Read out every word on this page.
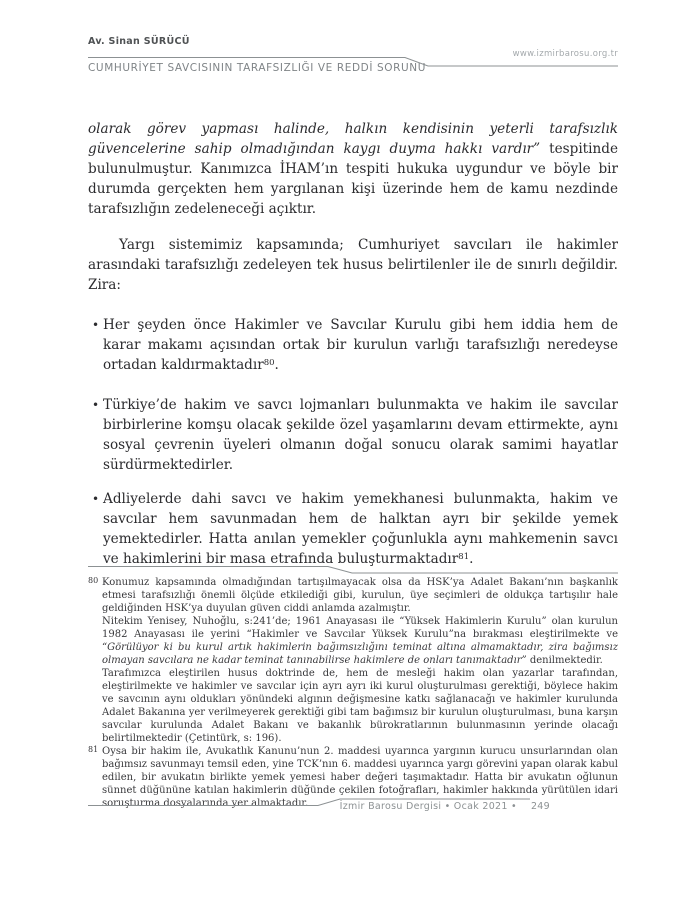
Av. Sinan SÜRÜCÜ
CUMHURİYET SAVCISININ TARAFSIZLIĞI VE REDDİ SORUNU
www.izmirbarosu.org.tr

olarak görev yapması halinde, halkın kendisinin yeterli tarafsızlık güvencelerine sahip olmadığından kaygı duyma hakkı vardır” tespitinde bulunulmuştur. Kanımızca İHAM’ın tespiti hukuka uygundur ve böyle bir durumda gerçekten hem yargılanan kişi üzerinde hem de kamu nezdinde tarafsızlığın zedeleneceği açıktır.

Yargı sistemimiz kapsamında; Cumhuriyet savcıları ile hakimler arasındaki tarafsızlığı zedeleyen tek husus belirtilenler ile de sınırlı değildir. Zira:

• Her şeyden önce Hakimler ve Savcılar Kurulu gibi hem iddia hem de karar makamı açısından ortak bir kurulun varlığı tarafsızlığı neredeyse ortadan kaldırmaktadır$^{80}$.
• Türkiye’de hakim ve savcı lojmanları bulunmakta ve hakim ile savcılar birbirlerine komşu olacak şekilde özel yaşamlarını devam ettirmekte, aynı sosyal çevrenin üyeleri olmanın doğal sonucu olarak samimi hayatlar sürdürmektedirler.
• Adliyelerde dahi savcı ve hakim yemekhanesi bulunmakta, hakim ve savcılar hem savunmadan hem de halktan ayrı bir şekilde yemek yemektedirler. Hatta anılan yemekler çoğunlukla aynı mahkemenin savcı ve hakimlerini bir masa etrafında buluşturmaktadır$^{81}$.
80 Konumuz kapsamında olmadığından tartışılmayacak olsa da HSK’ya Adalet Bakanı’nın başkanlık etmesi tarafsızlığı önemli ölçüde etkilediği gibi, kurulun, üye seçimleri de oldukça tartışılır hale geldiğinden HSK’ya duyulan güven ciddi anlamda azalmıştır.

Nitekim Yenisey, Nuhoğlu, s:241’de; 1961 Anayasası ile “Yüksek Hakimlerin Kurulu” olan kurulun 1982 Anayasası ile yerini “Hakimler ve Savcılar Yüksek Kurulu”na bırakması eleştirilmekte ve “Görülüyor ki bu kurul artık hakimlerin bağımsızlığını teminat altına almamaktadır, zira bağımsız olmayan savcılara ne kadar teminat tanınabilirse hakimlere de onları tanımaktadır” denilmektedir.

Tarafımızca eleştirilen husus doktrinde de, hem de mesleği hakim olan yazarlar tarafından, eleştirilmekte ve hakimler ve savcılar için ayrı ayrı iki kurul oluşturulması gerektiği, böylece hakim ve savcının aynı oldukları yönündeki algının değişmesine katkı sağlanacağı ve hakimler kurulunda Adalet Bakanına yer verilmeyerek gerektiği gibi tam bağımsız bir kurulun oluşturulması, buna karşın savcılar kurulunda Adalet Bakanı ve bakanlık bürokratlarının bulunmasının yerinde olacağı belirtilmektedir (Çetintürk, s: 196).

81 Oysa bir hakim ile, Avukatlık Kanunu’nun 2. maddesi uyarınca yargının kurucu unsurlarından olan bağımsız savunmayı temsil eden, yine TCK’nın 6. maddesi uyarınca yargı görevini yapan olarak kabul edilen, bir avukatın birlikte yemek yemesi haber değeri taşımaktadır. Hatta bir avukatın oğlunun sünnet düğününe katılan hakimlerin düğünde çekilen fotoğrafları, hakimler hakkında yürütülen idari soruşturma dosyalarında yer almaktadır.	İzmir Barosu Dergisi • Ocak 2021 • 249
